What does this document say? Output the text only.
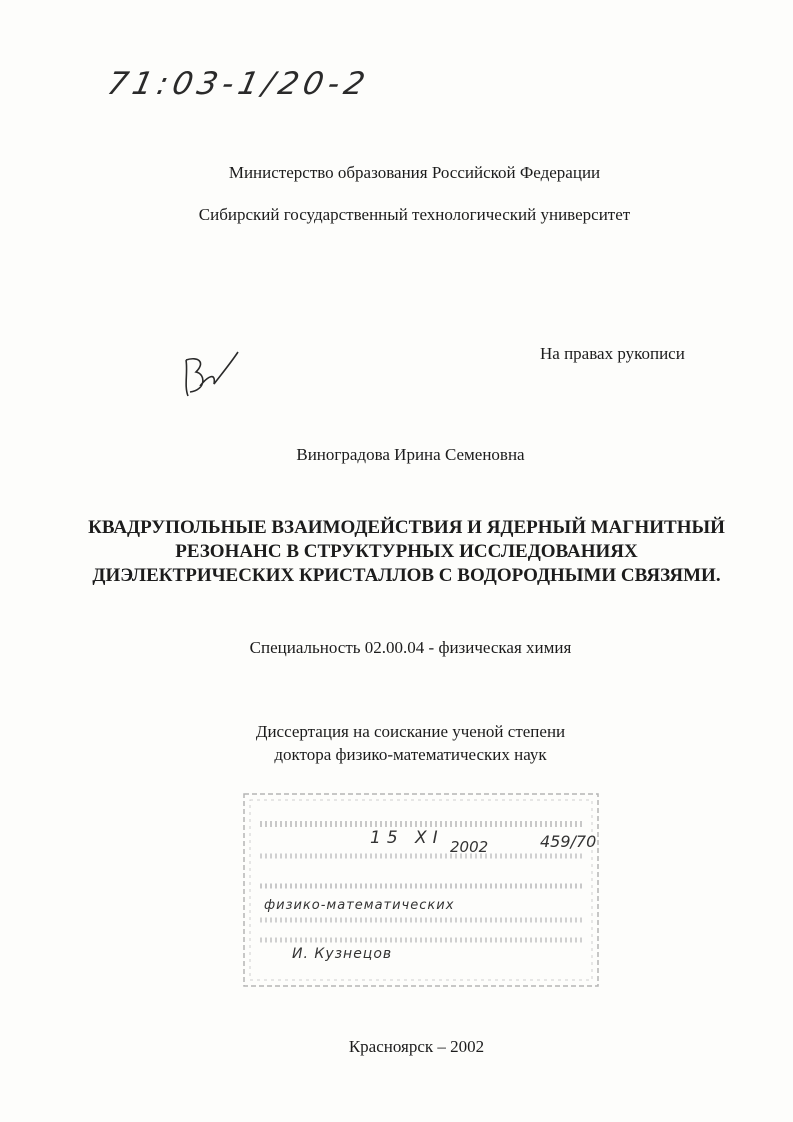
71:03-1/20-2
Министерство образования Российской Федерации
Сибирский государственный технологический университет
На правах рукописи
Виноградова Ирина Семеновна
КВАДРУПОЛЬНЫЕ ВЗАИМОДЕЙСТВИЯ И ЯДЕРНЫЙ МАГНИТНЫЙ
РЕЗОНАНС В СТРУКТУРНЫХ ИССЛЕДОВАНИЯХ
ДИЭЛЕКТРИЧЕСКИХ КРИСТАЛЛОВ С ВОДОРОДНЫМИ СВЯЗЯМИ.
Специальность 02.00.04 - физическая химия
Диссертация на соискание ученой степени
доктора физико-математических наук
15 XI 2002	459/70
физико-математических
И. Кузнецов
Красноярск – 2002
